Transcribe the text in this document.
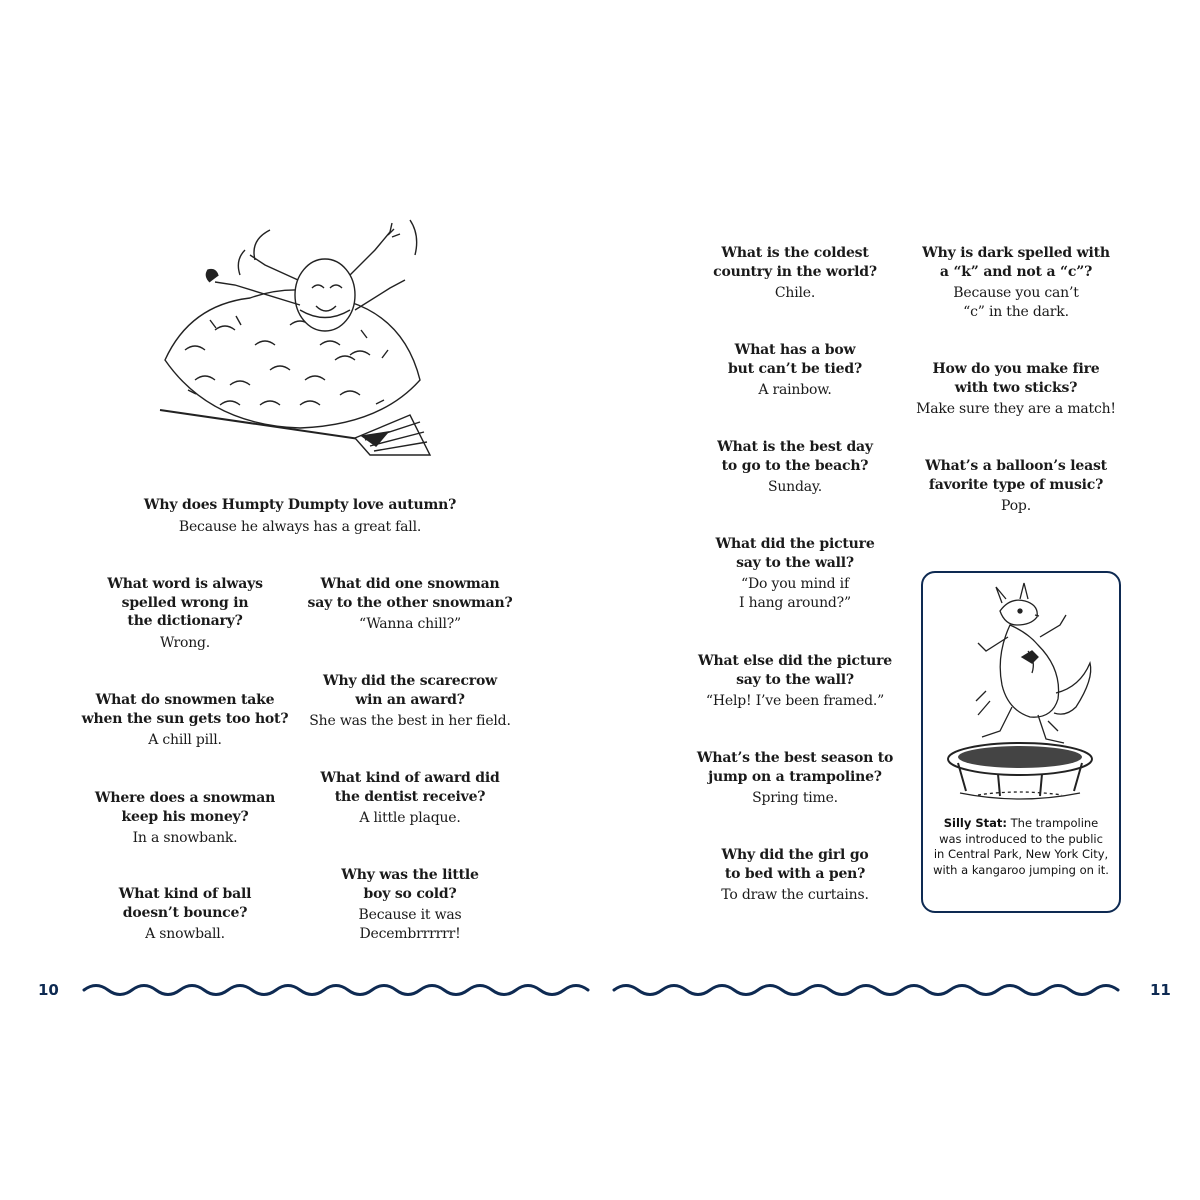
Why does Humpty Dumpty love autumn?
Because he always has a great fall.
What word is always
spelled wrong in
the dictionary?
Wrong.
What did one snowman
say to the other snowman?
“Wanna chill?”
What do snowmen take
when the sun gets too hot?
A chill pill.
Why did the scarecrow
win an award?
She was the best in her field.
Where does a snowman
keep his money?
In a snowbank.
What kind of award did
the dentist receive?
A little plaque.
What kind of ball
doesn’t bounce?
A snowball.
Why was the little
boy so cold?
Because it was
Decembrrrrrr!
What is the coldest
country in the world?
Chile.
What has a bow
but can’t be tied?
A rainbow.
What is the best day
to go to the beach?
Sunday.
What did the picture
say to the wall?
“Do you mind if
I hang around?”
What else did the picture
say to the wall?
“Help! I’ve been framed.”
What’s the best season to
jump on a trampoline?
Spring time.
Why did the girl go
to bed with a pen?
To draw the curtains.
Why is dark spelled with
a “k” and not a “c”?
Because you can’t
“c” in the dark.
How do you make fire
with two sticks?
Make sure they are a match!
What’s a balloon’s least
favorite type of music?
Pop.
Silly Stat: The trampoline was introduced to the public in Central Park, New York City, with a kangaroo jumping on it.
10	11
